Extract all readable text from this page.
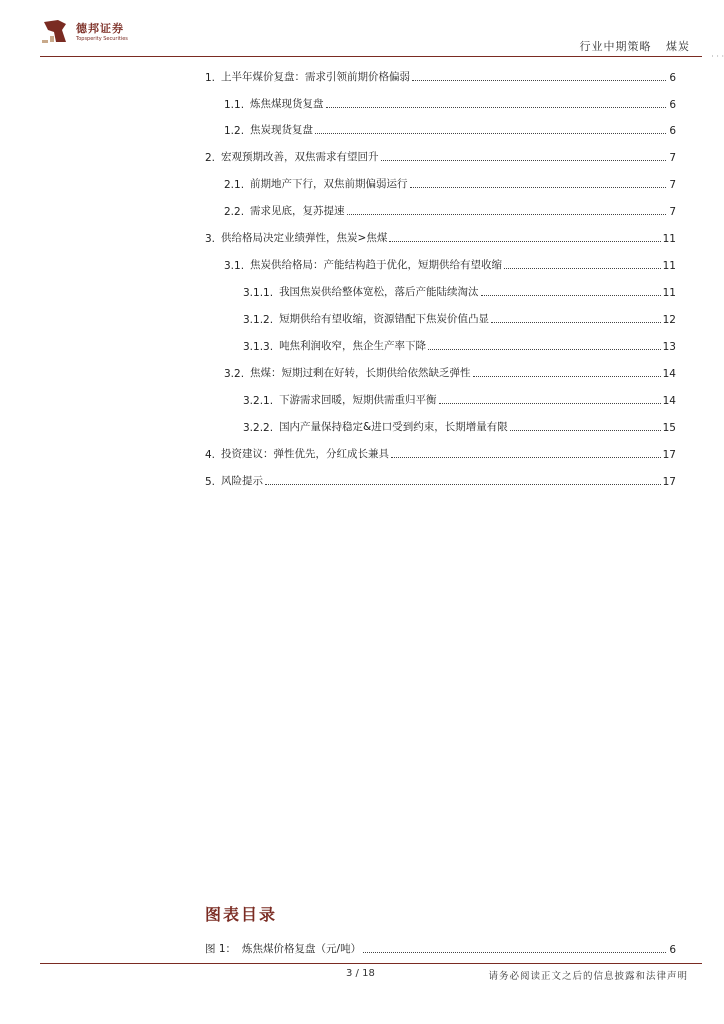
德邦证券
Topsperity Securities
行业中期策略 煤炭
· · ·
1. 上半年煤价复盘：需求引领前期价格偏弱	6
1.1. 炼焦煤现货复盘	6
1.2. 焦炭现货复盘	6
2. 宏观预期改善，双焦需求有望回升	7
2.1. 前期地产下行，双焦前期偏弱运行	7
2.2. 需求见底，复苏提速	7
3. 供给格局决定业绩弹性，焦炭>焦煤	11
3.1. 焦炭供给格局：产能结构趋于优化，短期供给有望收缩	11
3.1.1. 我国焦炭供给整体宽松，落后产能陆续淘汰	11
3.1.2. 短期供给有望收缩，资源错配下焦炭价值凸显	12
3.1.3. 吨焦利润收窄，焦企生产率下降	13
3.2. 焦煤：短期过剩在好转，长期供给依然缺乏弹性	14
3.2.1. 下游需求回暖，短期供需重归平衡	14
3.2.2. 国内产量保持稳定&进口受到约束，长期增量有限	15
4. 投资建议：弹性优先，分红成长兼具	17
5. 风险提示	17
图表目录
图 1： 炼焦煤价格复盘（元/吨）	6
3 / 18	请务必阅读正文之后的信息披露和法律声明
